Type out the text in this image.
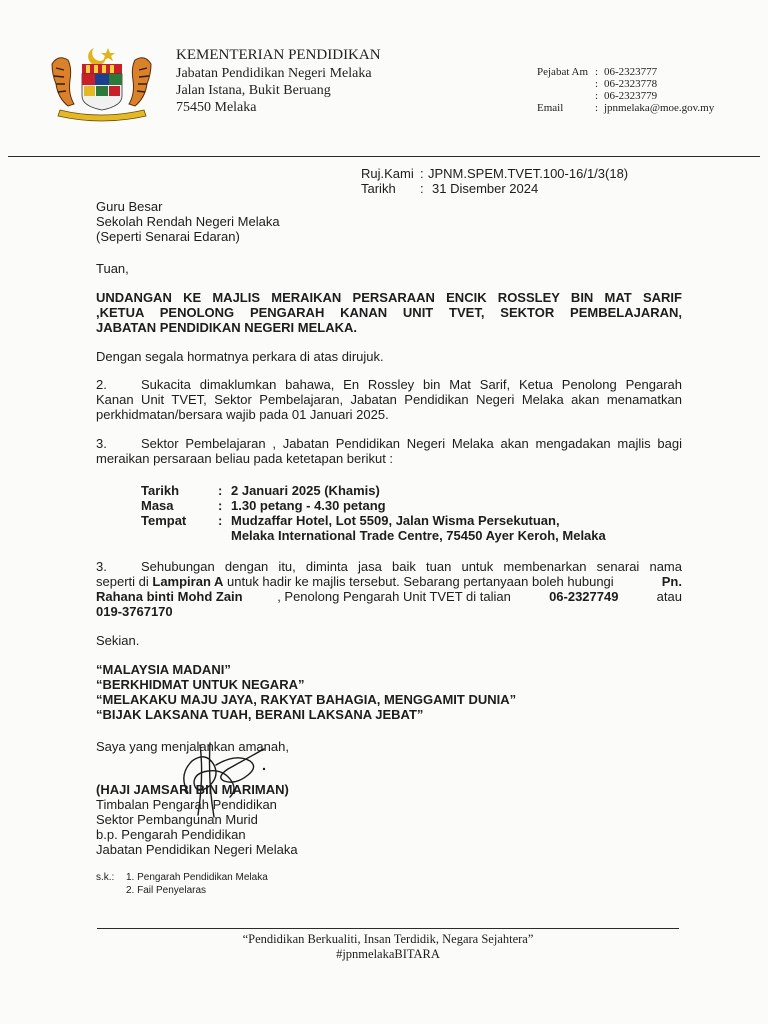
KEMENTERIAN PENDIDIKAN
Jabatan Pendidikan Negeri Melaka
Jalan Istana, Bukit Beruang
75450 Melaka
Pejabat Am : 06-2323777
: 06-2323778
: 06-2323779
Email	: jpnmelaka@moe.gov.my
Ruj.Kami : JPNM.SPEM.TVET.100-16/1/3(18)
Tarikh : 31 Disember 2024
Guru Besar
Sekolah Rendah Negeri Melaka
(Seperti Senarai Edaran)
Tuan,
UNDANGAN KE MAJLIS MERAIKAN PERSARAAN ENCIK ROSSLEY BIN MAT SARIF
,KETUA PENOLONG PENGARAH KANAN UNIT TVET, SEKTOR PEMBELAJARAN,
JABATAN PENDIDIKAN NEGERI MELAKA.
Dengan segala hormatnya perkara di atas dirujuk.
2.	Sukacita dimaklumkan bahawa, En Rossley bin Mat Sarif, Ketua Penolong Pengarah
Kanan Unit TVET, Sektor Pembelajaran, Jabatan Pendidikan Negeri Melaka akan menamatkan
perkhidmatan/bersara wajib pada 01 Januari 2025.
3.	Sektor Pembelajaran , Jabatan Pendidikan Negeri Melaka akan mengadakan majlis bagi
meraikan persaraan beliau pada ketetapan berikut :
Tarikh	: 2 Januari 2025 (Khamis)
Masa	: 1.30 petang - 4.30 petang
Tempat : Mudzaffar Hotel, Lot 5509, Jalan Wisma Persekutuan,
Melaka International Trade Centre, 75450 Ayer Keroh, Melaka
3.	Sehubungan dengan itu, diminta jasa baik tuan untuk membenarkan senarai nama
seperti di Lampiran A untuk hadir ke majlis tersebut. Sebarang pertanyaan boleh hubungi	Pn.
Rahana binti Mohd Zain	, Penolong Pengarah Unit TVET di talian	06-2327749	atau
019-3767170
Sekian.
“MALAYSIA MADANI”
“BERKHIDMAT UNTUK NEGARA”
“MELAKAKU MAJU JAYA, RAKYAT BAHAGIA, MENGGAMIT DUNIA”
“BIJAK LAKSANA TUAH, BERANI LAKSANA JEBAT”
Saya yang menjalankan amanah,
(HAJI JAMSARI BIN MARIMAN)
Timbalan Pengarah Pendidikan
Sektor Pembangunan Murid
b.p. Pengarah Pendidikan
Jabatan Pendidikan Negeri Melaka
s.k.: 1. Pengarah Pendidikan Melaka
2. Fail Penyelaras
“Pendidikan Berkualiti, Insan Terdidik, Negara Sejahtera”
#jpnmelakaBITARA
